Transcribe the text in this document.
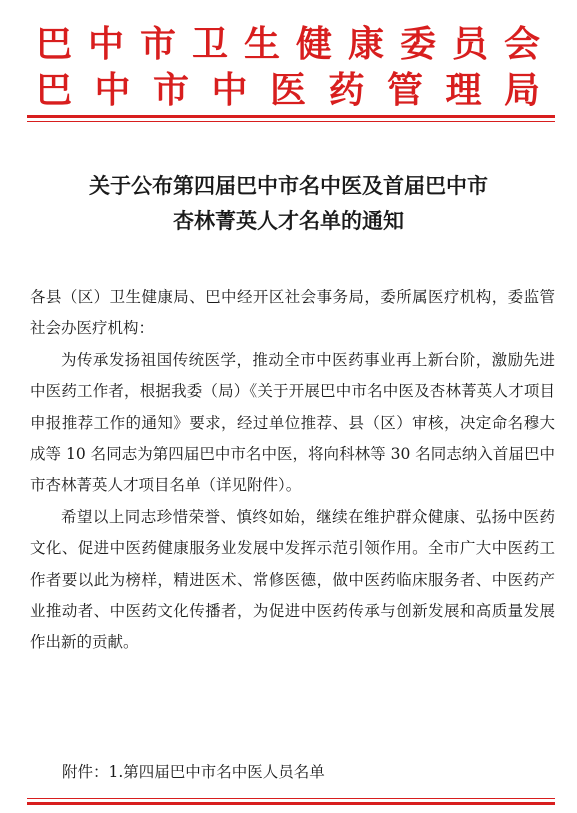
巴中市卫生健康委员会
巴中市中医药管理局
关于公布第四届巴中市名中医及首届巴中市
杏林菁英人才名单的通知

各县（区）卫生健康局、巴中经开区社会事务局，委所属医疗机构，委监管社会办医疗机构：

为传承发扬祖国传统医学，推动全市中医药事业再上新台阶，激励先进中医药工作者，根据我委（局）《关于开展巴中市名中医及杏林菁英人才项目申报推荐工作的通知》要求，经过单位推荐、县（区）审核，决定命名穆大成等 10 名同志为第四届巴中市名中医，将向科林等 30 名同志纳入首届巴中市杏林菁英人才项目名单（详见附件）。

希望以上同志珍惜荣誉、慎终如始，继续在维护群众健康、弘扬中医药文化、促进中医药健康服务业发展中发挥示范引领作用。全市广大中医药工作者要以此为榜样，精进医术、常修医德，做中医药临床服务者、中医药产业推动者、中医药文化传播者，为促进中医药传承与创新发展和高质量发展作出新的贡献。

附件：1.第四届巴中市名中医人员名单
